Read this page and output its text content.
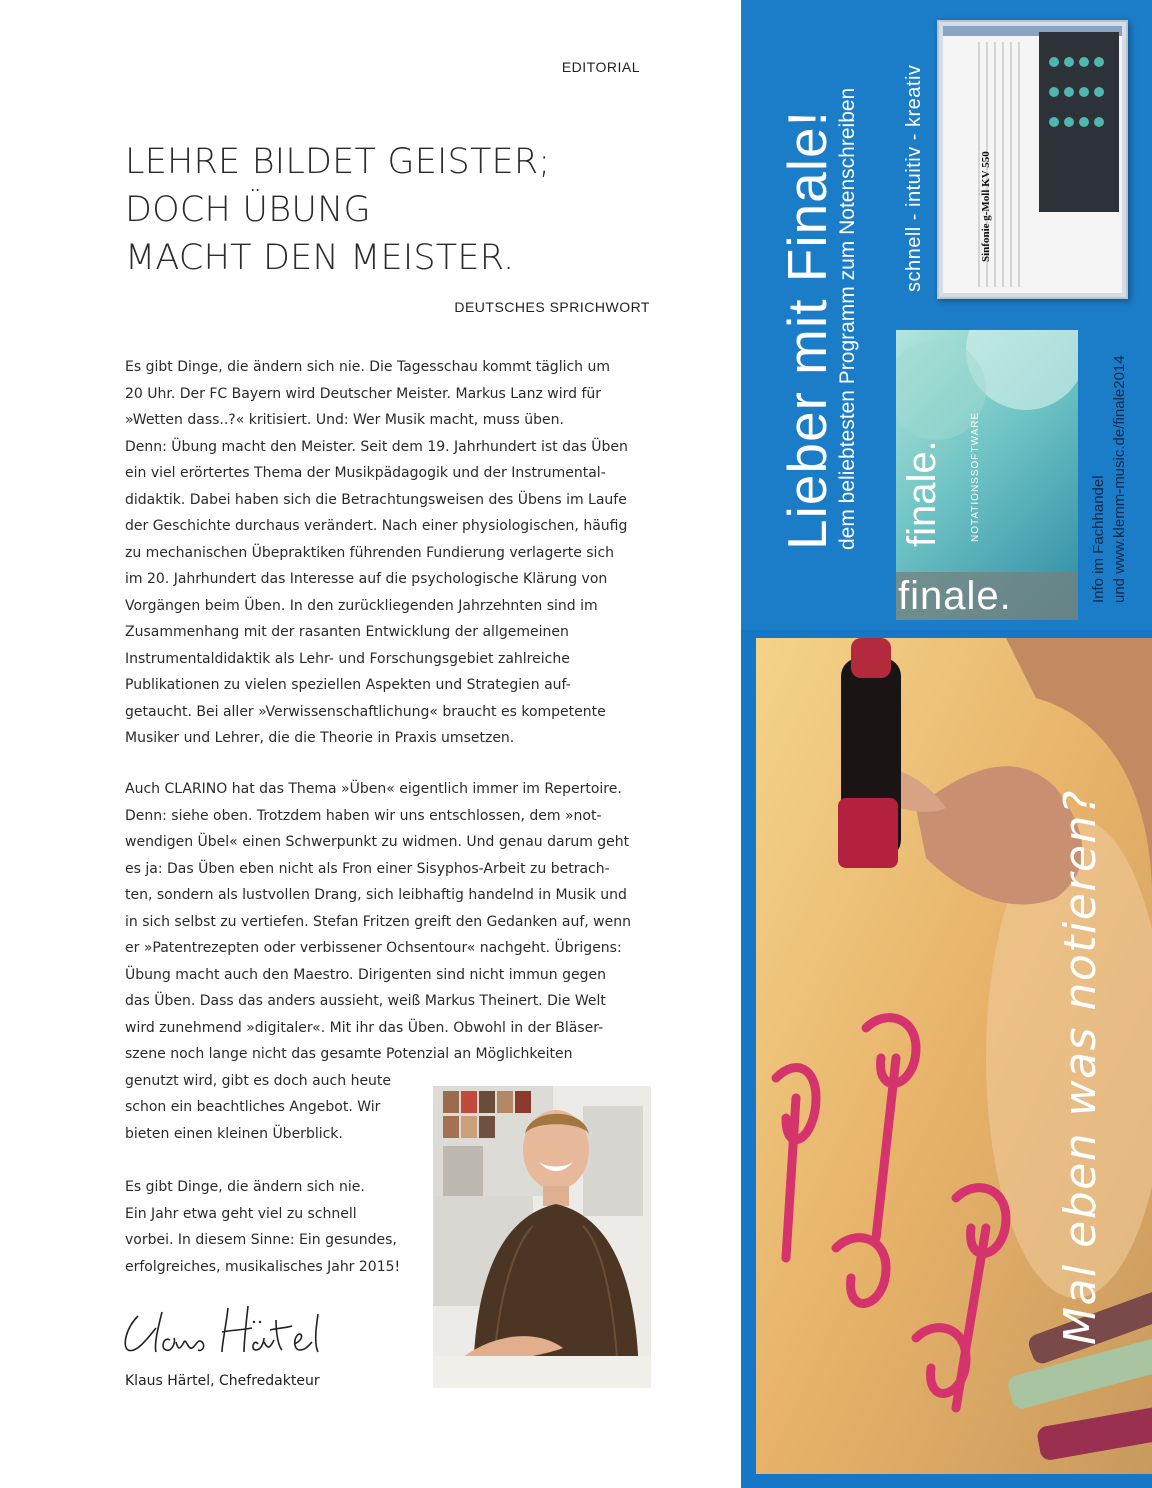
EDITORIAL
LEHRE BILDET GEISTER;
DOCH ÜBUNG
MACHT DEN MEISTER.
DEUTSCHES SPRICHWORT
Es gibt Dinge, die ändern sich nie. Die Tagesschau kommt täglich um
20 Uhr. Der FC Bayern wird Deutscher Meister. Markus Lanz wird für
»Wetten dass..?« kritisiert. Und: Wer Musik macht, muss üben.
Denn: Übung macht den Meister. Seit dem 19. Jahrhundert ist das Üben
ein viel erörtertes Thema der Musikpädagogik und der Instrumental-
didaktik. Dabei haben sich die Betrachtungsweisen des Übens im Laufe
der Geschichte durchaus verändert. Nach einer physiologischen, häufig
zu mechanischen Übepraktiken führenden Fundierung verlagerte sich
im 20. Jahrhundert das Interesse auf die psychologische Klärung von
Vorgängen beim Üben. In den zurückliegenden Jahrzehnten sind im
Zusammenhang mit der rasanten Entwicklung der allgemeinen
Instrumentaldidaktik als Lehr- und Forschungsgebiet zahlreiche
Publikationen zu vielen speziellen Aspekten und Strategien auf-
getaucht. Bei aller »Verwissenschaftlichung« braucht es kompetente
Musiker und Lehrer, die die Theorie in Praxis umsetzen.
Auch CLARINO hat das Thema »Üben« eigentlich immer im Repertoire.
Denn: siehe oben. Trotzdem haben wir uns entschlossen, dem »not-
wendigen Übel« einen Schwerpunkt zu widmen. Und genau darum geht
es ja: Das Üben eben nicht als Fron einer Sisyphos-Arbeit zu betrach-
ten, sondern als lustvollen Drang, sich leibhaftig handelnd in Musik und
in sich selbst zu vertiefen. Stefan Fritzen greift den Gedanken auf, wenn
er »Patentrezepten oder verbissener Ochsentour« nachgeht. Übrigens:
Übung macht auch den Maestro. Dirigenten sind nicht immun gegen
das Üben. Dass das anders aussieht, weiß Markus Theinert. Die Welt
wird zunehmend »digitaler«. Mit ihr das Üben. Obwohl in der Bläser-
szene noch lange nicht das gesamte Potenzial an Möglichkeiten
genutzt wird, gibt es doch auch heute
schon ein beachtliches Angebot. Wir
bieten einen kleinen Überblick.
Es gibt Dinge, die ändern sich nie.
Ein Jahr etwa geht viel zu schnell
vorbei. In diesem Sinne: Ein gesundes,
erfolgreiches, musikalisches Jahr 2015!
Klaus Härtel, Chefredakteur
Sinfonie g-Moll KV 550
finale.	NOTATIONSSOFTWARE
finale.
Lieber mit Finale!
dem beliebtesten Programm zum Notenschreiben schnell - intuitiv - kreativ
Info im Fachhandel und www.klemm-music.de/finale2014
Mal eben was notieren?
